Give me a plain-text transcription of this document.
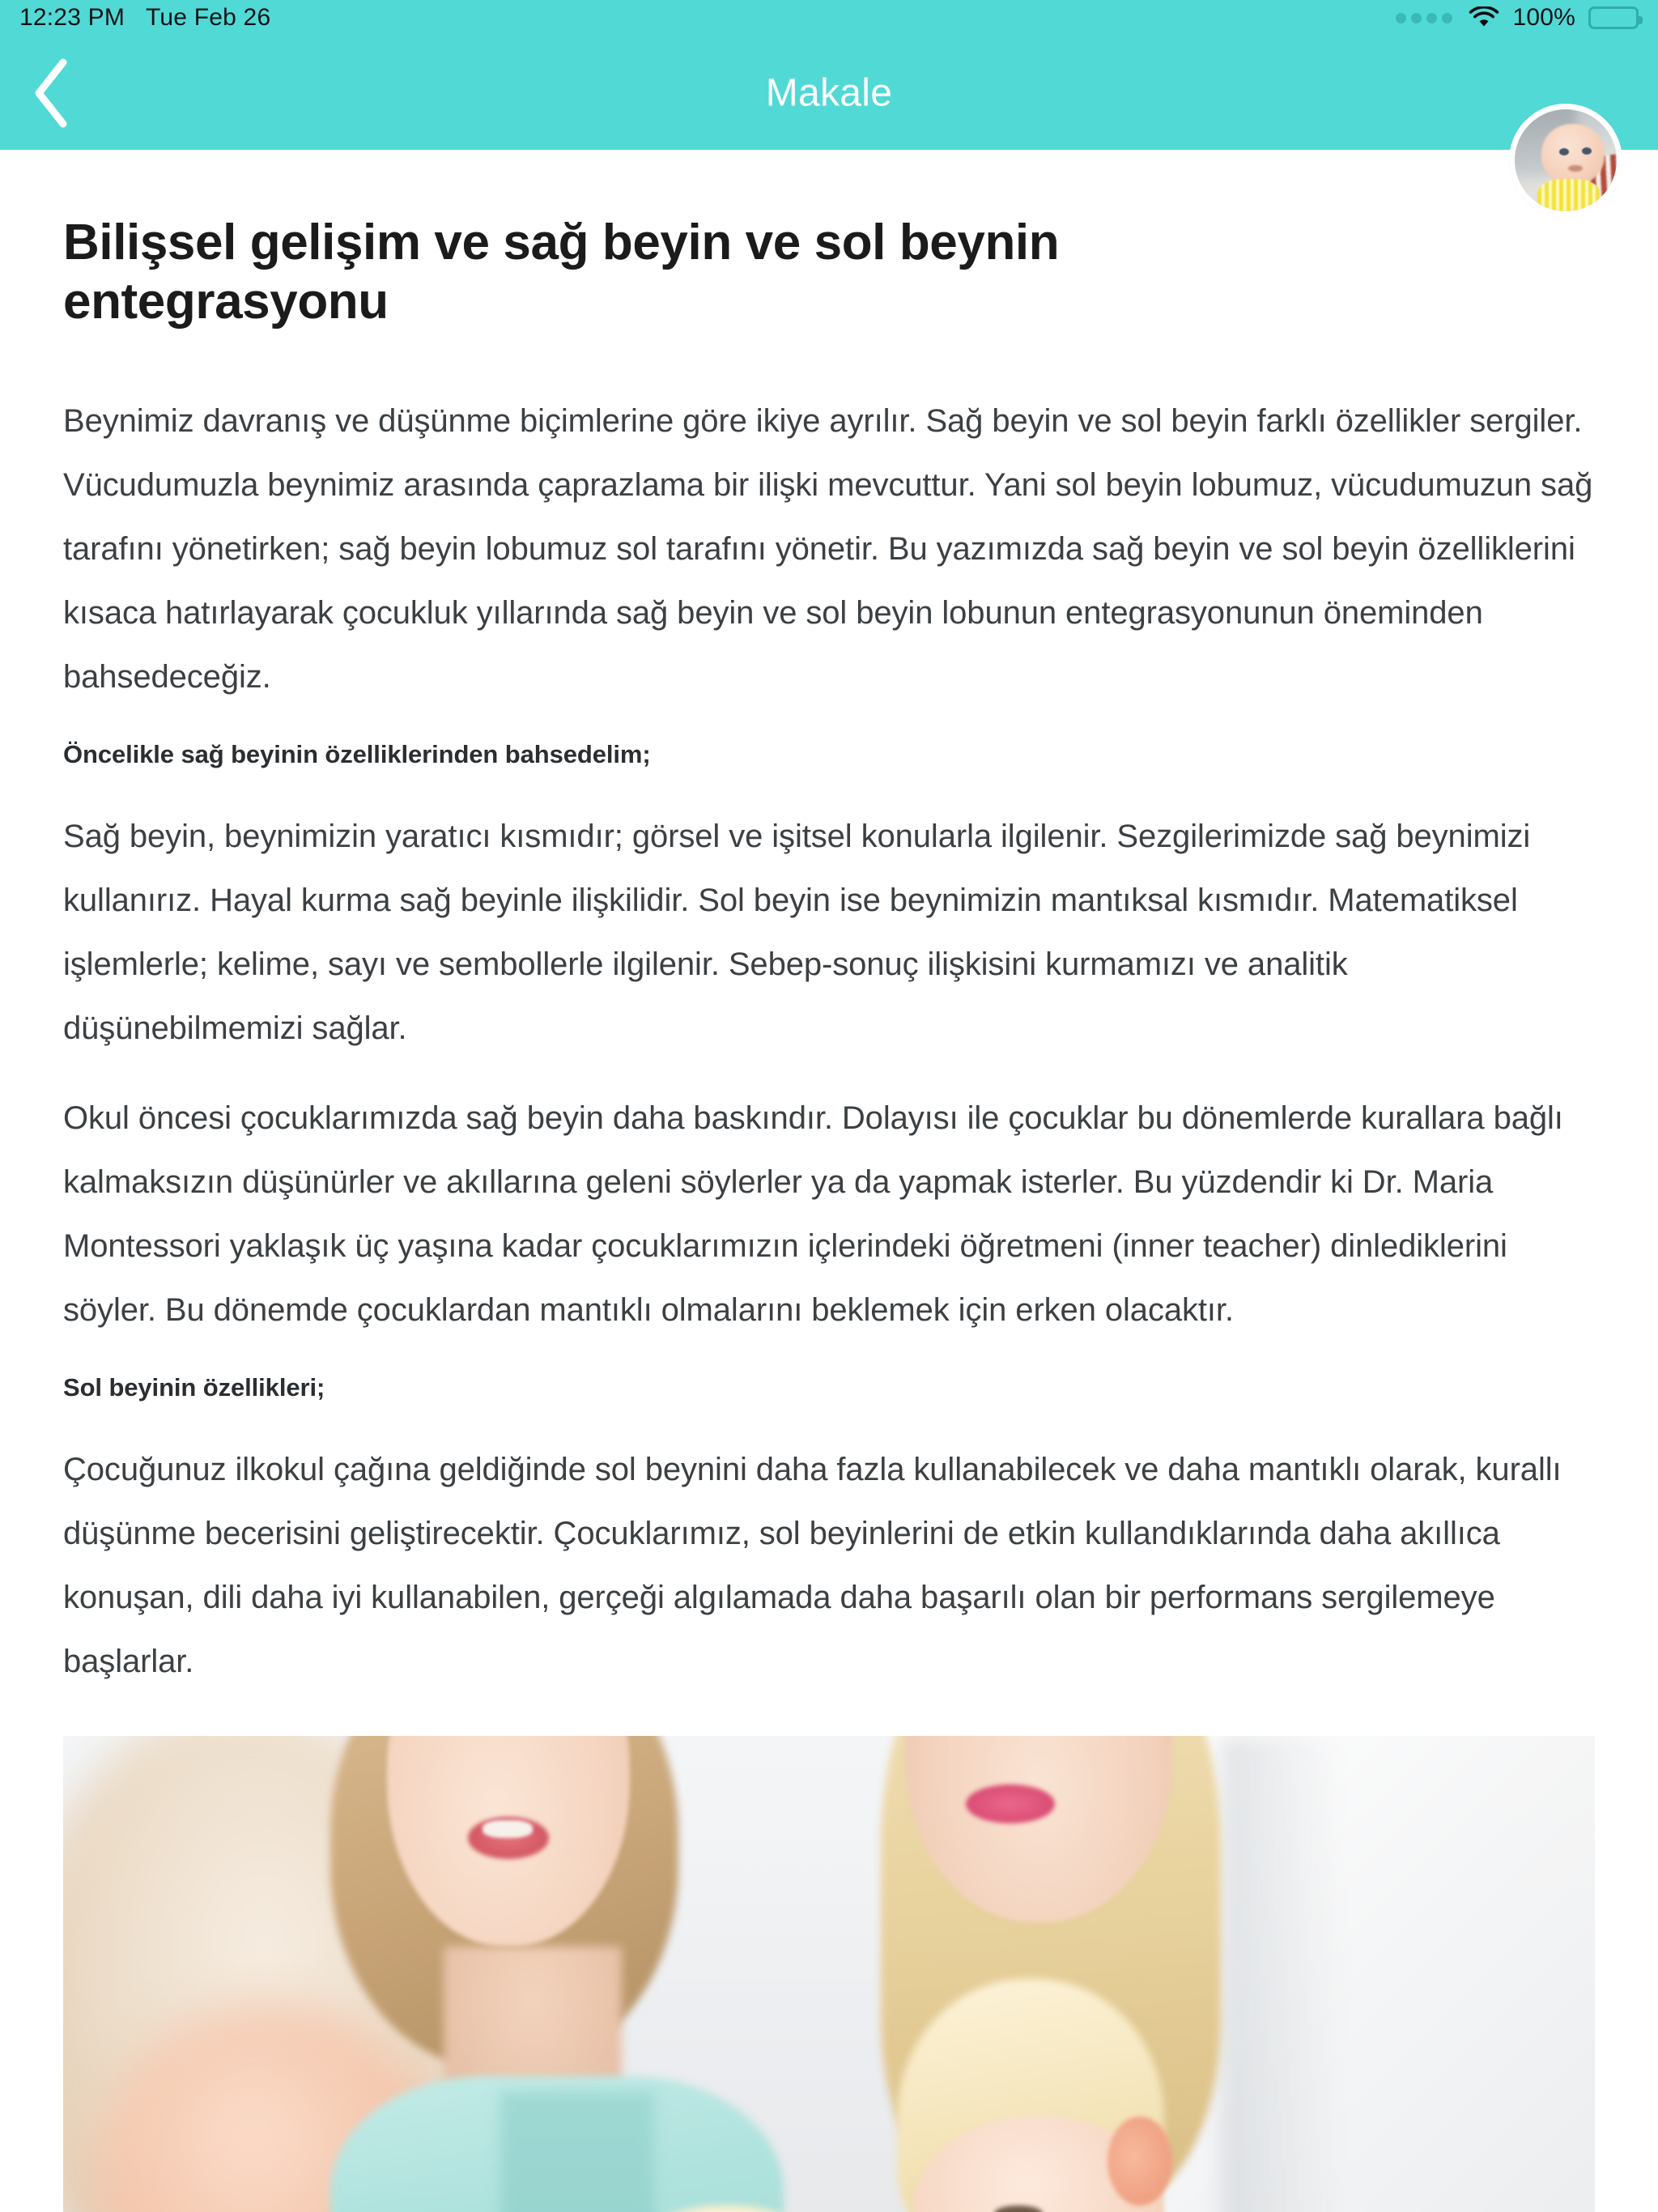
12:23 PM Tue Feb 26	100%
Makale
Bilişsel gelişim ve sağ beyin ve sol beynin entegrasyonu

Beynimiz davranış ve düşünme biçimlerine göre ikiye ayrılır. Sağ beyin ve sol beyin farklı özellikler sergiler. Vücudumuzla beynimiz arasında çaprazlama bir ilişki mevcuttur. Yani sol beyin lobumuz, vücudumuzun sağ tarafını yönetirken; sağ beyin lobumuz sol tarafını yönetir. Bu yazımızda sağ beyin ve sol beyin özelliklerini kısaca hatırlayarak çocukluk yıllarında sağ beyin ve sol beyin lobunun entegrasyonunun öneminden bahsedeceğiz.

Öncelikle sağ beyinin özelliklerinden bahsedelim;

Sağ beyin, beynimizin yaratıcı kısmıdır; görsel ve işitsel konularla ilgilenir. Sezgilerimizde sağ beynimizi kullanırız. Hayal kurma sağ beyinle ilişkilidir. Sol beyin ise beynimizin mantıksal kısmıdır. Matematiksel işlemlerle; kelime, sayı ve sembollerle ilgilenir. Sebep-sonuç ilişkisini kurmamızı ve analitik düşünebilmemizi sağlar.

Okul öncesi çocuklarımızda sağ beyin daha baskındır. Dolayısı ile çocuklar bu dönemlerde kurallara bağlı kalmaksızın düşünürler ve akıllarına geleni söylerler ya da yapmak isterler. Bu yüzdendir ki Dr. Maria Montessori yaklaşık üç yaşına kadar çocuklarımızın içlerindeki öğretmeni (inner teacher) dinlediklerini söyler. Bu dönemde çocuklardan mantıklı olmalarını beklemek için erken olacaktır.

Sol beyinin özellikleri;

Çocuğunuz ilkokul çağına geldiğinde sol beynini daha fazla kullanabilecek ve daha mantıklı olarak, kurallı düşünme becerisini geliştirecektir. Çocuklarımız, sol beyinlerini de etkin kullandıklarında daha akıllıca konuşan, dili daha iyi kullanabilen, gerçeği algılamada daha başarılı olan bir performans sergilemeye başlarlar.
